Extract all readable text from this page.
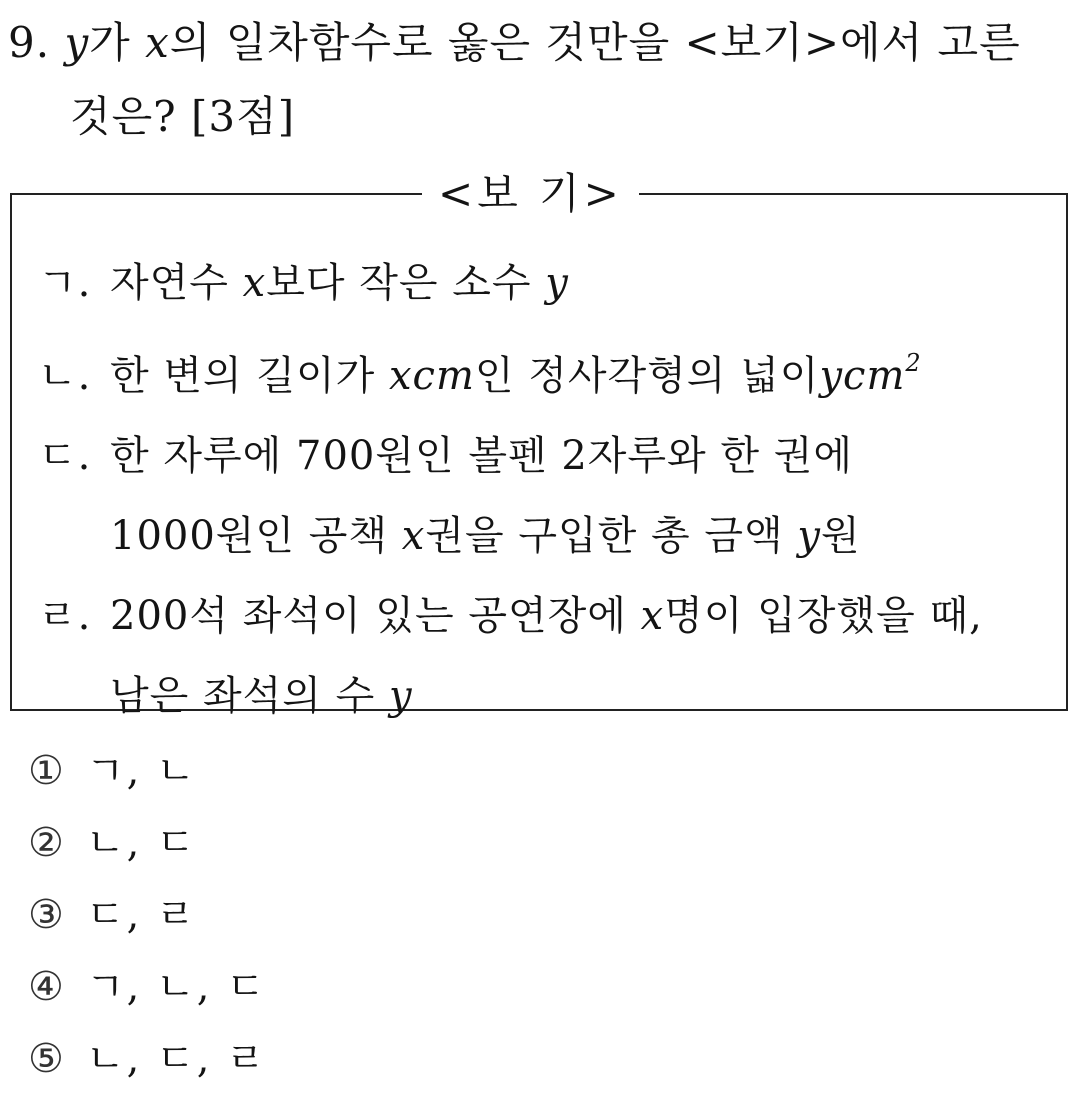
9. y가 x의 일차함수로 옳은 것만을 <보기>에서 고른
것은? [3점]
<보 기>
ㄱ. 자연수 x보다 작은 소수 y
ㄴ. 한 변의 길이가 xcm인 정사각형의 넓이ycm$^2$
ㄷ. 한 자루에 700원인 볼펜 2자루와 한 권에
1000원인 공책 x권을 구입한 총 금액 y원
ㄹ. 200석 좌석이 있는 공연장에 x명이 입장했을 때,
남은 좌석의 수 y
① ㄱ, ㄴ
② ㄴ, ㄷ
③ ㄷ, ㄹ
④ ㄱ, ㄴ, ㄷ
⑤ ㄴ, ㄷ, ㄹ
